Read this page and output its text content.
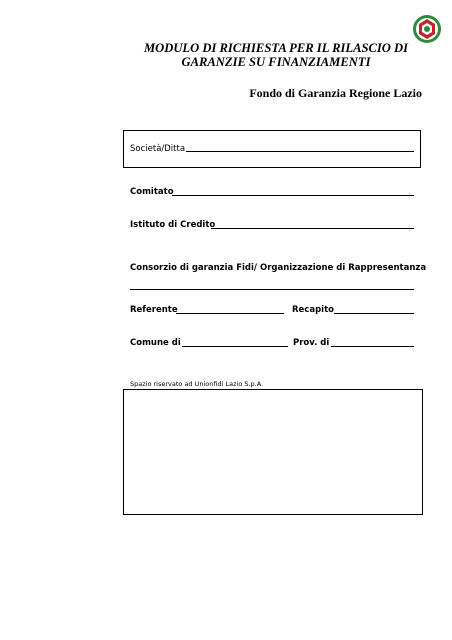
MODULO DI RICHIESTA PER IL RILASCIO DI GARANZIE SU FINANZIAMENTI
Fondo di Garanzia Regione Lazio
Società/Ditta
Comitato
Istituto di Credito
Consorzio di garanzia Fidi/ Organizzazione di Rappresentanza
Referente	Recapito
Comune di	Prov. di
Spazio riservato ad Unionfidi Lazio S.p.A.
